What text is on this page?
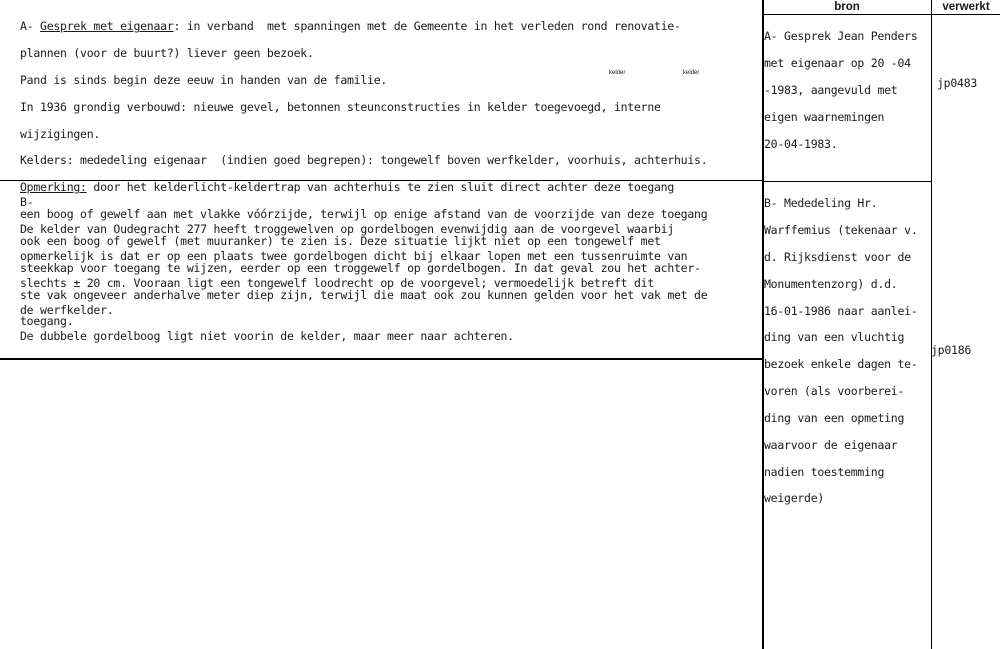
bron	verwerkt

A- Gesprek met eigenaar: in verband  met spanningen met de Gemeente in het verleden rond renovatie-

plannen (voor de buurt?) liever geen bezoek.

Pand is sinds begin deze eeuw in handen van de familie.

In 1936 grondig verbouwd: nieuwe gevel, betonnen steunconstructies in kelder toegevoegd, interne

wijzigingen.

Kelders: mededeling eigenaar  (indien goed begrepen): tongewelf boven werfkelder, voorhuis, achterhuis.

Opmerking: door het kelderlicht-keldertrap van achterhuis te zien sluit direct achter deze toegang

een boog of gewelf aan met vlakke vóórzijde, terwijl op enige afstand van de voorzijde van deze toegang

ook een boog of gewelf (met muuranker) te zien is. Deze situatie lijkt niet op een tongewelf met

steekkap voor toegang te wijzen, eerder op een troggewelf op gordelbogen. In dat geval zou het achter-

ste vak ongeveer anderhalve meter diep zijn, terwijl die maat ook zou kunnen gelden voor het vak met de

toegang.

kelder	kelder

B-

De kelder van Oudegracht 277 heeft troggewelven op gordelbogen evenwijdig aan de voorgevel waarbij

opmerkelijk is dat er op een plaats twee gordelbogen dicht bij elkaar lopen met een tussenruimte van

slechts ± 20 cm. Vooraan ligt een tongewelf loodrecht op de voorgevel; vermoedelijk betreft dit

de werfkelder.

De dubbele gordelboog ligt niet voorin de kelder, maar meer naar achteren.

A- Gesprek Jean Penders

met eigenaar op 20 -04

-1983, aangevuld met

eigen waarnemingen

20-04-1983.

B- Mededeling Hr.

Warffemius (tekenaar v.

d. Rijksdienst voor de

Monumentenzorg) d.d.

16-01-1986 naar aanlei-

ding van een vluchtig

bezoek enkele dagen te-

voren (als voorberei-

ding van een opmeting

waarvoor de eigenaar

nadien toestemming

weigerde)

jp0483
jp0186
